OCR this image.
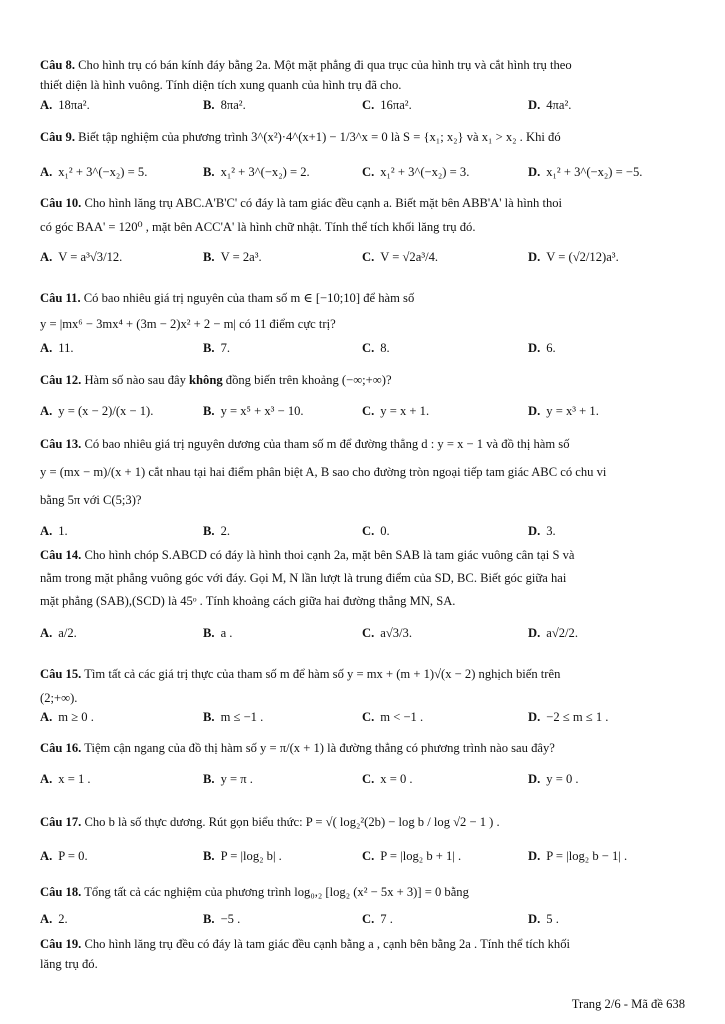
Câu 8. Cho hình trụ có bán kính đáy bằng 2a. Một mặt phẳng đi qua trục của hình trụ và cắt hình trụ theo
thiết diện là hình vuông. Tính diện tích xung quanh của hình trụ đã cho.
A. 18πa².	B. 8πa².	C. 16πa².	D. 4πa².
Câu 9. Biết tập nghiệm của phương trình 3^(x²)·4^(x+1) − 1/3^x = 0 là S = {x₁; x₂} và x₁ > x₂ . Khi đó
A. x₁² + 3^(−x₂) = 5.	B. x₁² + 3^(−x₂) = 2.	C. x₁² + 3^(−x₂) = 3.	D. x₁² + 3^(−x₂) = −5.
Câu 10. Cho hình lăng trụ ABC.A'B'C' có đáy là tam giác đều cạnh a. Biết mặt bên ABB'A' là hình thoi
có góc BAA' = 120⁰ , mặt bên ACC'A' là hình chữ nhật. Tính thể tích khối lăng trụ đó.
A. V = a³√3/12.	B. V = 2a³.	C. V = √2a³/4.	D. V = (√2/12)a³.
Câu 11. Có bao nhiêu giá trị nguyên của tham số m ∈ [−10;10] để hàm số
y = |mx⁶ − 3mx⁴ + (3m − 2)x² + 2 − m| có 11 điểm cực trị?
A. 11.	B. 7.	C. 8.	D. 6.
Câu 12. Hàm số nào sau đây không đồng biến trên khoảng (−∞;+∞)?
A. y = (x − 2)/(x − 1).	B. y = x⁵ + x³ − 10.	C. y = x + 1.	D. y = x³ + 1.
Câu 13. Có bao nhiêu giá trị nguyên dương của tham số m để đường thẳng d : y = x − 1 và đồ thị hàm số
y = (mx − m)/(x + 1) cắt nhau tại hai điểm phân biệt A, B sao cho đường tròn ngoại tiếp tam giác ABC có chu vi
bằng 5π với C(5;3)?
A. 1.	B. 2.	C. 0.	D. 3.
Câu 14. Cho hình chóp S.ABCD có đáy là hình thoi cạnh 2a, mặt bên SAB là tam giác vuông cân tại S và
nằm trong mặt phẳng vuông góc với đáy. Gọi M, N lần lượt là trung điểm của SD, BC. Biết góc giữa hai
mặt phẳng (SAB),(SCD) là 45ᵒ . Tính khoảng cách giữa hai đường thẳng MN, SA.
A. a/2.	B. a .	C. a√3/3.	D. a√2/2.
Câu 15. Tìm tất cả các giá trị thực của tham số m để hàm số y = mx + (m + 1)√(x − 2) nghịch biến trên
(2;+∞).
A. m ≥ 0 .	B. m ≤ −1 .	C. m < −1 .	D. −2 ≤ m ≤ 1 .
Câu 16. Tiệm cận ngang của đồ thị hàm số y = π/(x + 1) là đường thẳng có phương trình nào sau đây?
A. x = 1 .	B. y = π .	C. x = 0 .	D. y = 0 .
Câu 17. Cho b là số thực dương. Rút gọn biểu thức: P = √( log₂²(2b) − log b / log √2 − 1 ) .
A. P = 0.	B. P = |log₂ b| .	C. P = |log₂ b + 1| .	D. P = |log₂ b − 1| .
Câu 18. Tổng tất cả các nghiệm của phương trình log₀,₂ [log₂ (x² − 5x + 3)] = 0 bằng
A. 2.	B. −5 .	C. 7 .	D. 5 .
Câu 19. Cho hình lăng trụ đều có đáy là tam giác đều cạnh bằng a , cạnh bên bằng 2a . Tính thể tích khối
lăng trụ đó.
Trang 2/6 - Mã đề 638
